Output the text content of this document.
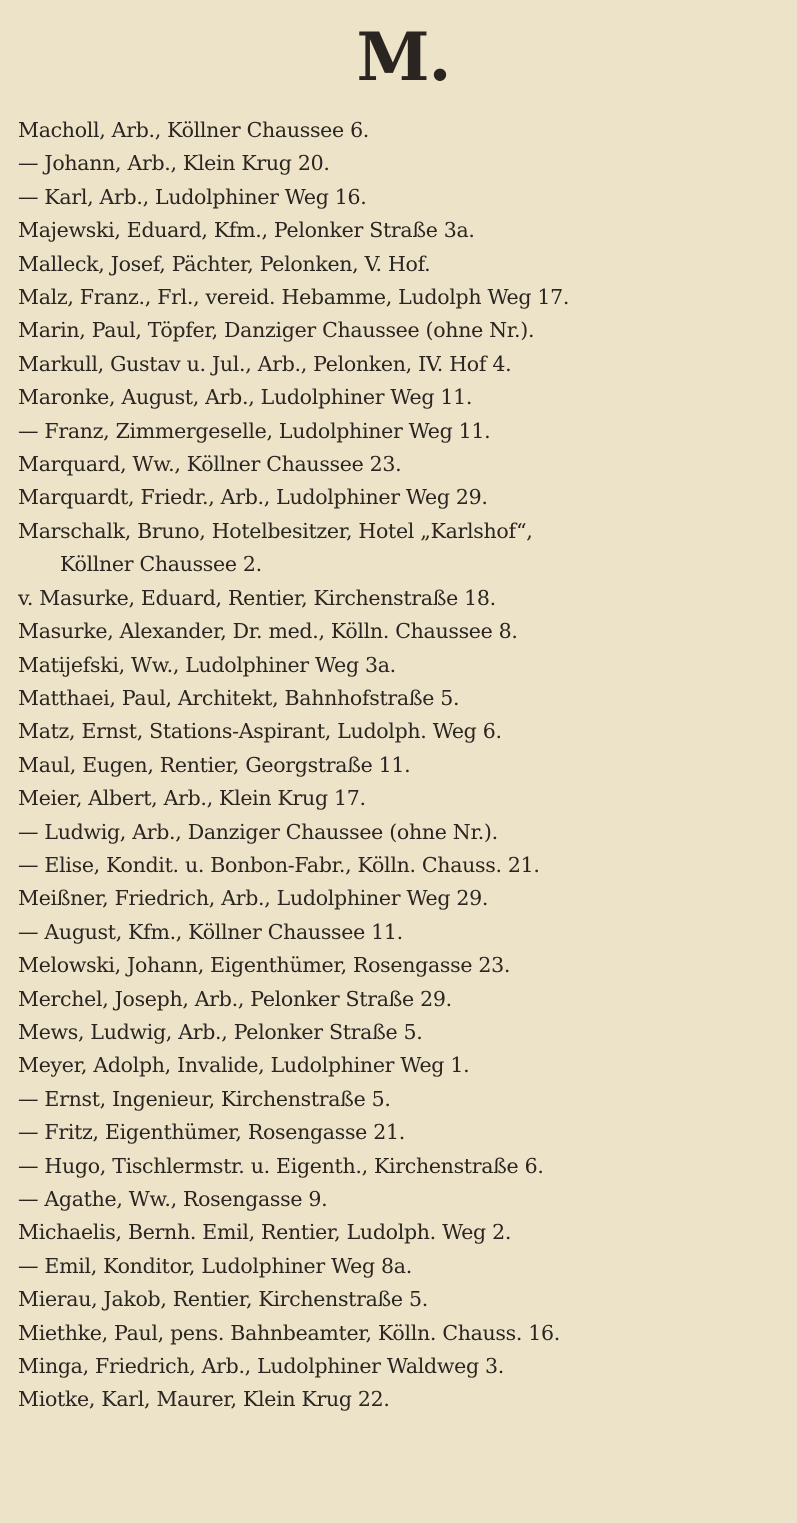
M.
Macholl, Arb., Köllner Chaussee 6.
— Johann, Arb., Klein Krug 20.
— Karl, Arb., Ludolphiner Weg 16.
Majewski, Eduard, Kfm., Pelonker Straße 3a.
Malleck, Josef, Pächter, Pelonken, V. Hof.
Malz, Franz., Frl., vereid. Hebamme, Ludolph Weg 17.
Marin, Paul, Töpfer, Danziger Chaussee (ohne Nr.).
Markull, Gustav u. Jul., Arb., Pelonken, IV. Hof 4.
Maronke, August, Arb., Ludolphiner Weg 11.
— Franz, Zimmergeselle, Ludolphiner Weg 11.
Marquard, Ww., Köllner Chaussee 23.
Marquardt, Friedr., Arb., Ludolphiner Weg 29.
Marschalk, Bruno, Hotelbesitzer, Hotel „Karlshof“,
Köllner Chaussee 2.
v. Masurke, Eduard, Rentier, Kirchenstraße 18.
Masurke, Alexander, Dr. med., Kölln. Chaussee 8.
Matijefski, Ww., Ludolphiner Weg 3a.
Matthaei, Paul, Architekt, Bahnhofstraße 5.
Matz, Ernst, Stations-Aspirant, Ludolph. Weg 6.
Maul, Eugen, Rentier, Georgstraße 11.
Meier, Albert, Arb., Klein Krug 17.
— Ludwig, Arb., Danziger Chaussee (ohne Nr.).
— Elise, Kondit. u. Bonbon-Fabr., Kölln. Chauss. 21.
Meißner, Friedrich, Arb., Ludolphiner Weg 29.
— August, Kfm., Köllner Chaussee 11.
Melowski, Johann, Eigenthümer, Rosengasse 23.
Merchel, Joseph, Arb., Pelonker Straße 29.
Mews, Ludwig, Arb., Pelonker Straße 5.
Meyer, Adolph, Invalide, Ludolphiner Weg 1.
— Ernst, Ingenieur, Kirchenstraße 5.
— Fritz, Eigenthümer, Rosengasse 21.
— Hugo, Tischlermstr. u. Eigenth., Kirchenstraße 6.
— Agathe, Ww., Rosengasse 9.
Michaelis, Bernh. Emil, Rentier, Ludolph. Weg 2.
— Emil, Konditor, Ludolphiner Weg 8a.
Mierau, Jakob, Rentier, Kirchenstraße 5.
Miethke, Paul, pens. Bahnbeamter, Kölln. Chauss. 16.
Minga, Friedrich, Arb., Ludolphiner Waldweg 3.
Miotke, Karl, Maurer, Klein Krug 22.
